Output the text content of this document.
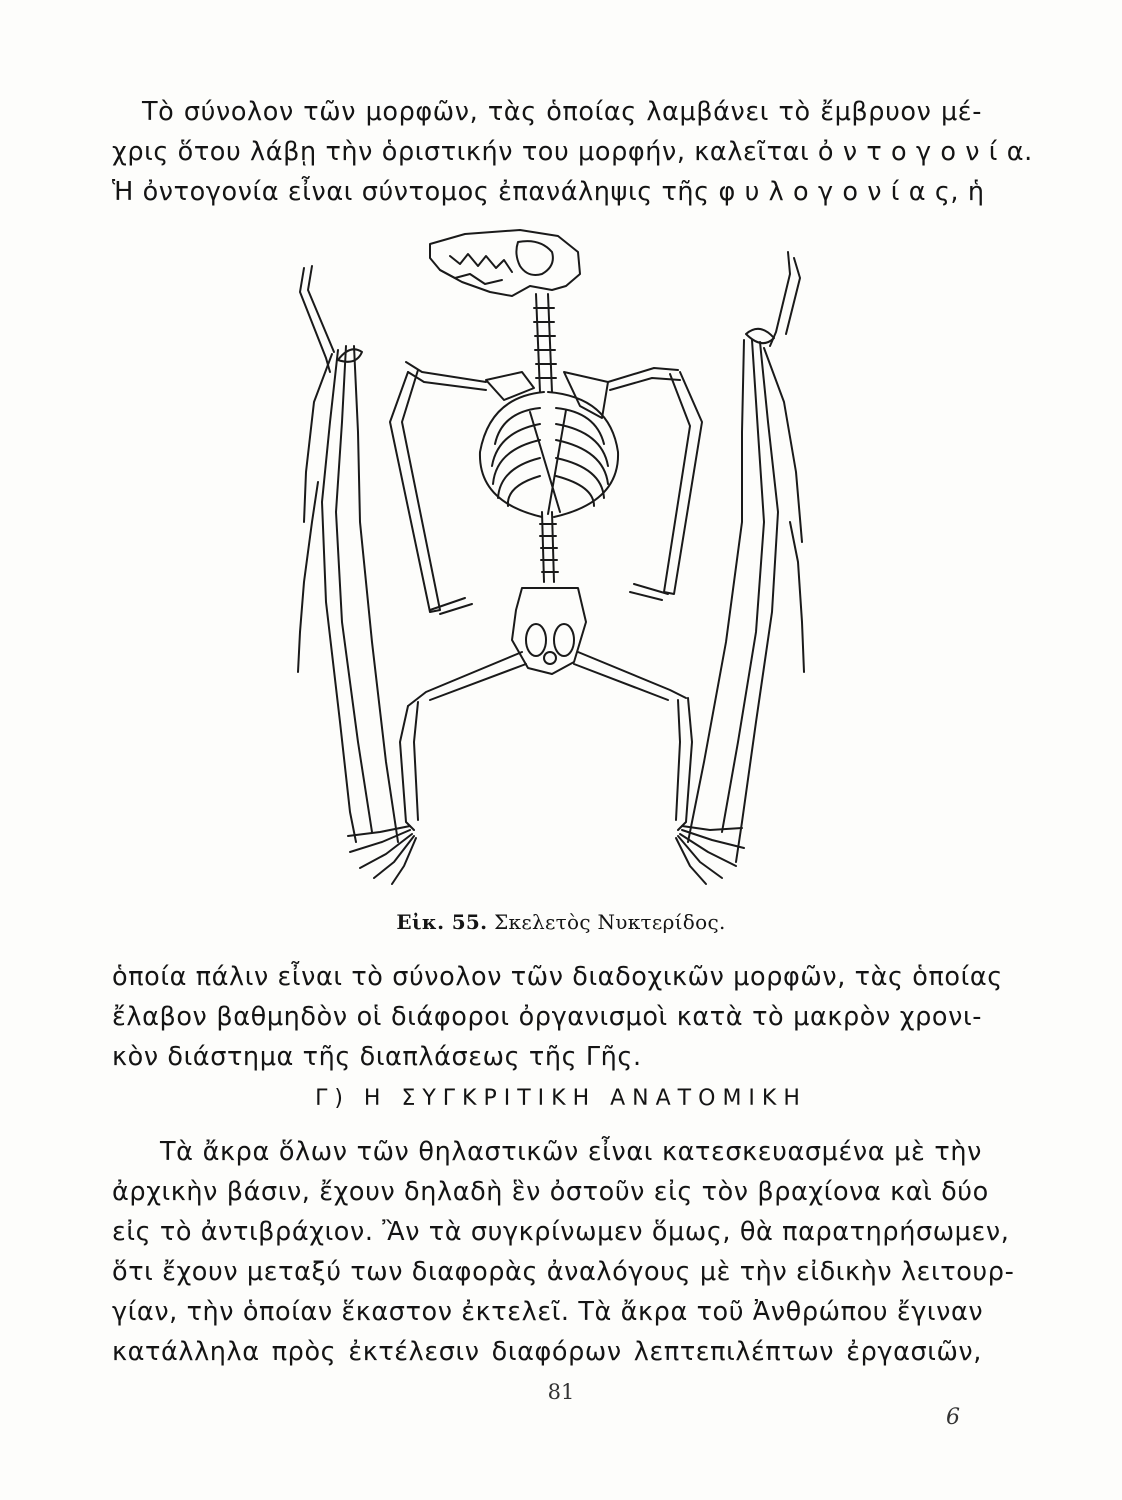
Τὸ σύνολον τῶν μορφῶν, τὰς ὁποίας λαμβάνει τὸ ἔμβρυον μέ-
χρις ὅτου λάβῃ τὴν ὁριστικήν του μορφήν, καλεῖται ὀ ν τ ο γ ο ν ί α.
Ἡ ὀντογονία εἶναι σύντομος ἐπανάληψις τῆς φ υ λ ο γ ο ν ί α ς, ἡ
Εἰκ. 55. Σκελετὸς Νυκτερίδος.
ὁποία πάλιν εἶναι τὸ σύνολον τῶν διαδοχικῶν μορφῶν, τὰς ὁποίας
ἔλαβον βαθμηδὸν οἱ διάφοροι ὀργανισμοὶ κατὰ τὸ μακρὸν χρονι-
κὸν διάστημα τῆς διαπλάσεως τῆς Γῆς.
Γ) Η ΣΥΓΚΡΙΤΙΚΗ ΑΝΑΤΟΜΙΚΗ
Τὰ ἄκρα ὅλων τῶν θηλαστικῶν εἶναι κατεσκευασμένα μὲ τὴν
ἀρχικὴν βάσιν, ἔχουν δηλαδὴ ἓν ὀστοῦν εἰς τὸν βραχίονα καὶ δύο
εἰς τὸ ἀντιβράχιον. Ἂν τὰ συγκρίνωμεν ὅμως, θὰ παρατηρήσωμεν,
ὅτι ἔχουν μεταξύ των διαφορὰς ἀναλόγους μὲ τὴν εἰδικὴν λειτουρ-
γίαν, τὴν ὁποίαν ἕκαστον ἐκτελεῖ. Τὰ ἄκρα τοῦ Ἀνθρώπου ἔγιναν
κατάλληλα πρὸς ἐκτέλεσιν διαφόρων λεπτεπιλέπτων ἐργασιῶν,
81
6
